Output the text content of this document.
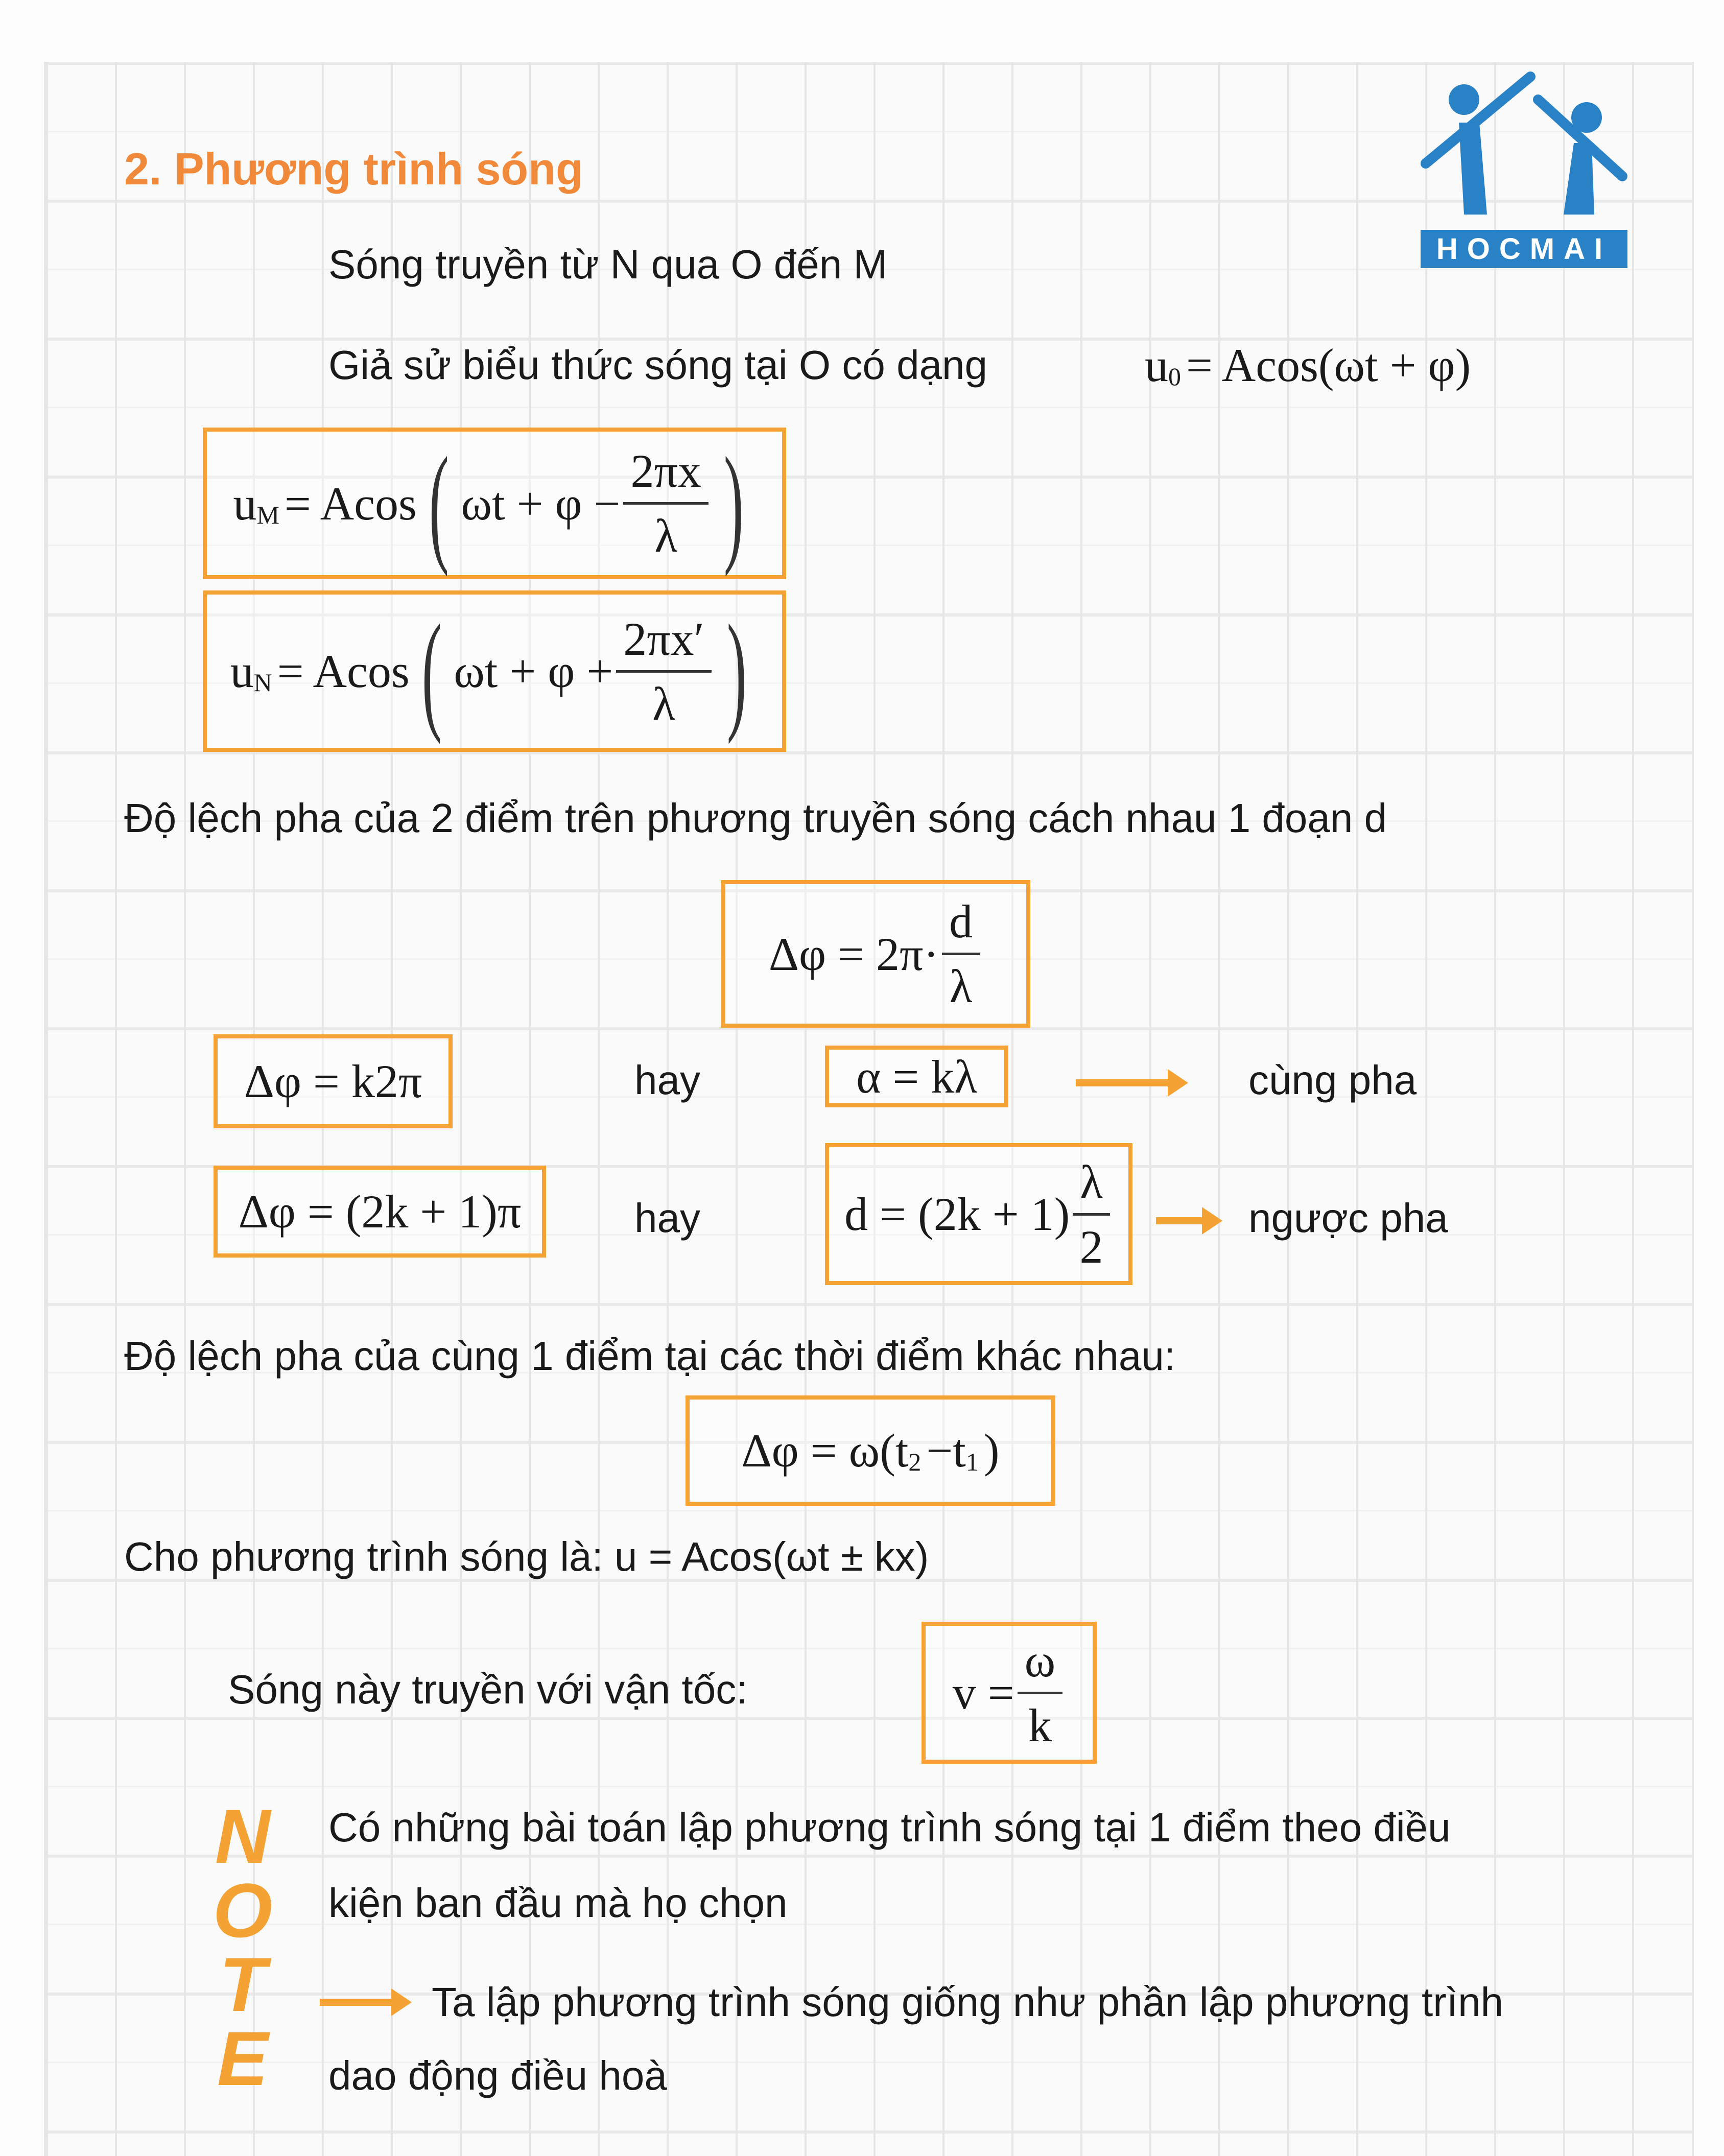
HOCMAI
2. Phương trình sóng
Sóng truyền từ N qua O đến M
Giả sử biểu thức sóng tại O có dạng	u 0 = Acos(ωt + φ)
u M = Acos ( $\omega t + \varphi - \frac{2\pi x}{\lambda}$ )
u N = Acos ( $\omega t + \varphi + \frac{2\pi x'}{\lambda}$ )
Độ lệch pha của 2 điểm trên phương truyền sóng cách nhau 1 đoạn d
$\Delta\varphi = 2\pi\cdot \frac{d}{\lambda}$
Δφ = k2π	hay	α = kλ	cùng pha
Δφ = (2k + 1)π	hay	$d = (2k + 1) \frac{\lambda}{2}$	ngược pha
Độ lệch pha của cùng 1 điểm tại các thời điểm khác nhau:
Δφ = ω( t 2 − t 1 )
Cho phương trình sóng là: u = Acos(ωt ± kx)
Sóng này truyền với vận tốc:	$v = \frac{\omega}{k}$
N
O
T
E
Có những bài toán lập phương trình sóng tại 1 điểm theo điều
kiện ban đầu mà họ chọn
Ta lập phương trình sóng giống như phần lập phương trình
dao động điều hoà
